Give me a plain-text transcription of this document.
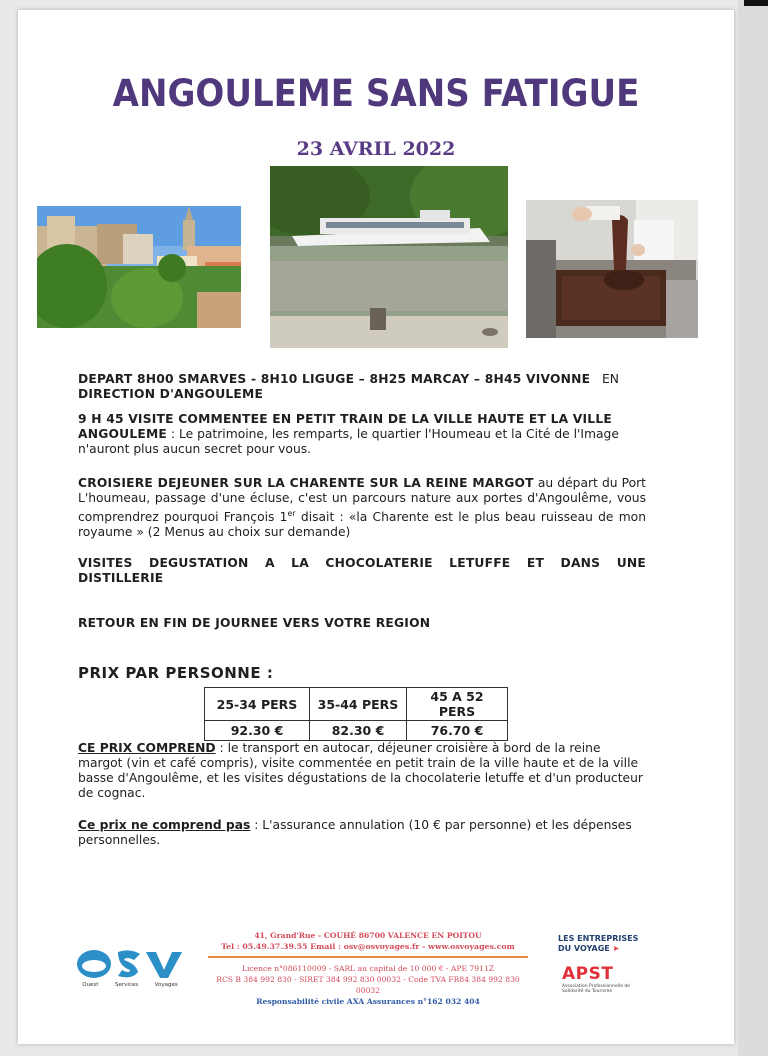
ANGOULEME SANS FATIGUE
23 AVRIL 2022
DEPART 8H00 SMARVES - 8H10 LIGUGE – 8H25 MARCAY – 8H45 VIVONNE EN
DIRECTION D'ANGOULEME
9 H 45 VISITE COMMENTEE EN PETIT TRAIN DE LA VILLE HAUTE ET LA VILLE ANGOULEME : Le patrimoine, les remparts, le quartier l'Houmeau et la Cité de l'Image n'auront plus aucun secret pour vous.
CROISIERE DEJEUNER SUR LA CHARENTE SUR LA REINE MARGOT au départ du Port L'houmeau, passage d'une écluse, c'est un parcours nature aux portes d'Angoulême, vous comprendrez pourquoi François 1er disait : «la Charente est le plus beau ruisseau de mon royaume » (2 Menus au choix sur demande)
VISITES DEGUSTATION A LA CHOCOLATERIE LETUFFE ET DANS UNE DISTILLERIE
RETOUR EN FIN DE JOURNEE VERS VOTRE REGION
PRIX PAR PERSONNE :
25-34 PERS	35-44 PERS	45 A 52 PERS
92.30 €	82.30 €	76.70 €
CE PRIX COMPREND : le transport en autocar, déjeuner croisière à bord de la reine margot (vin et café compris), visite commentée en petit train de la ville haute et de la ville basse d'Angoulême, et les visites dégustations de la chocolaterie letuffe et d'un producteur de cognac.
Ce prix ne comprend pas : L'assurance annulation (10 € par personne) et les dépenses personnelles.
Ouest	Services	Voyages
41, Grand'Rue - COUHÉ 86700 VALENCE EN POITOU
Tel : 05.49.37.39.55 Email : osv@osvoyages.fr - www.osvoyages.com
Licence n°086110009 - SARL au capital de 10 000 € - APE 7911Z
RCS B 384 992 830 - SIRET 384 992 830 00032 - Code TVA FR84 384 992 830 00032
Responsabilité civile AXA Assurances n°162 032 404
LES ENTREPRISES
DU VOYAGE ➤
APST
Association Professionnelle de Solidarité du Tourisme
